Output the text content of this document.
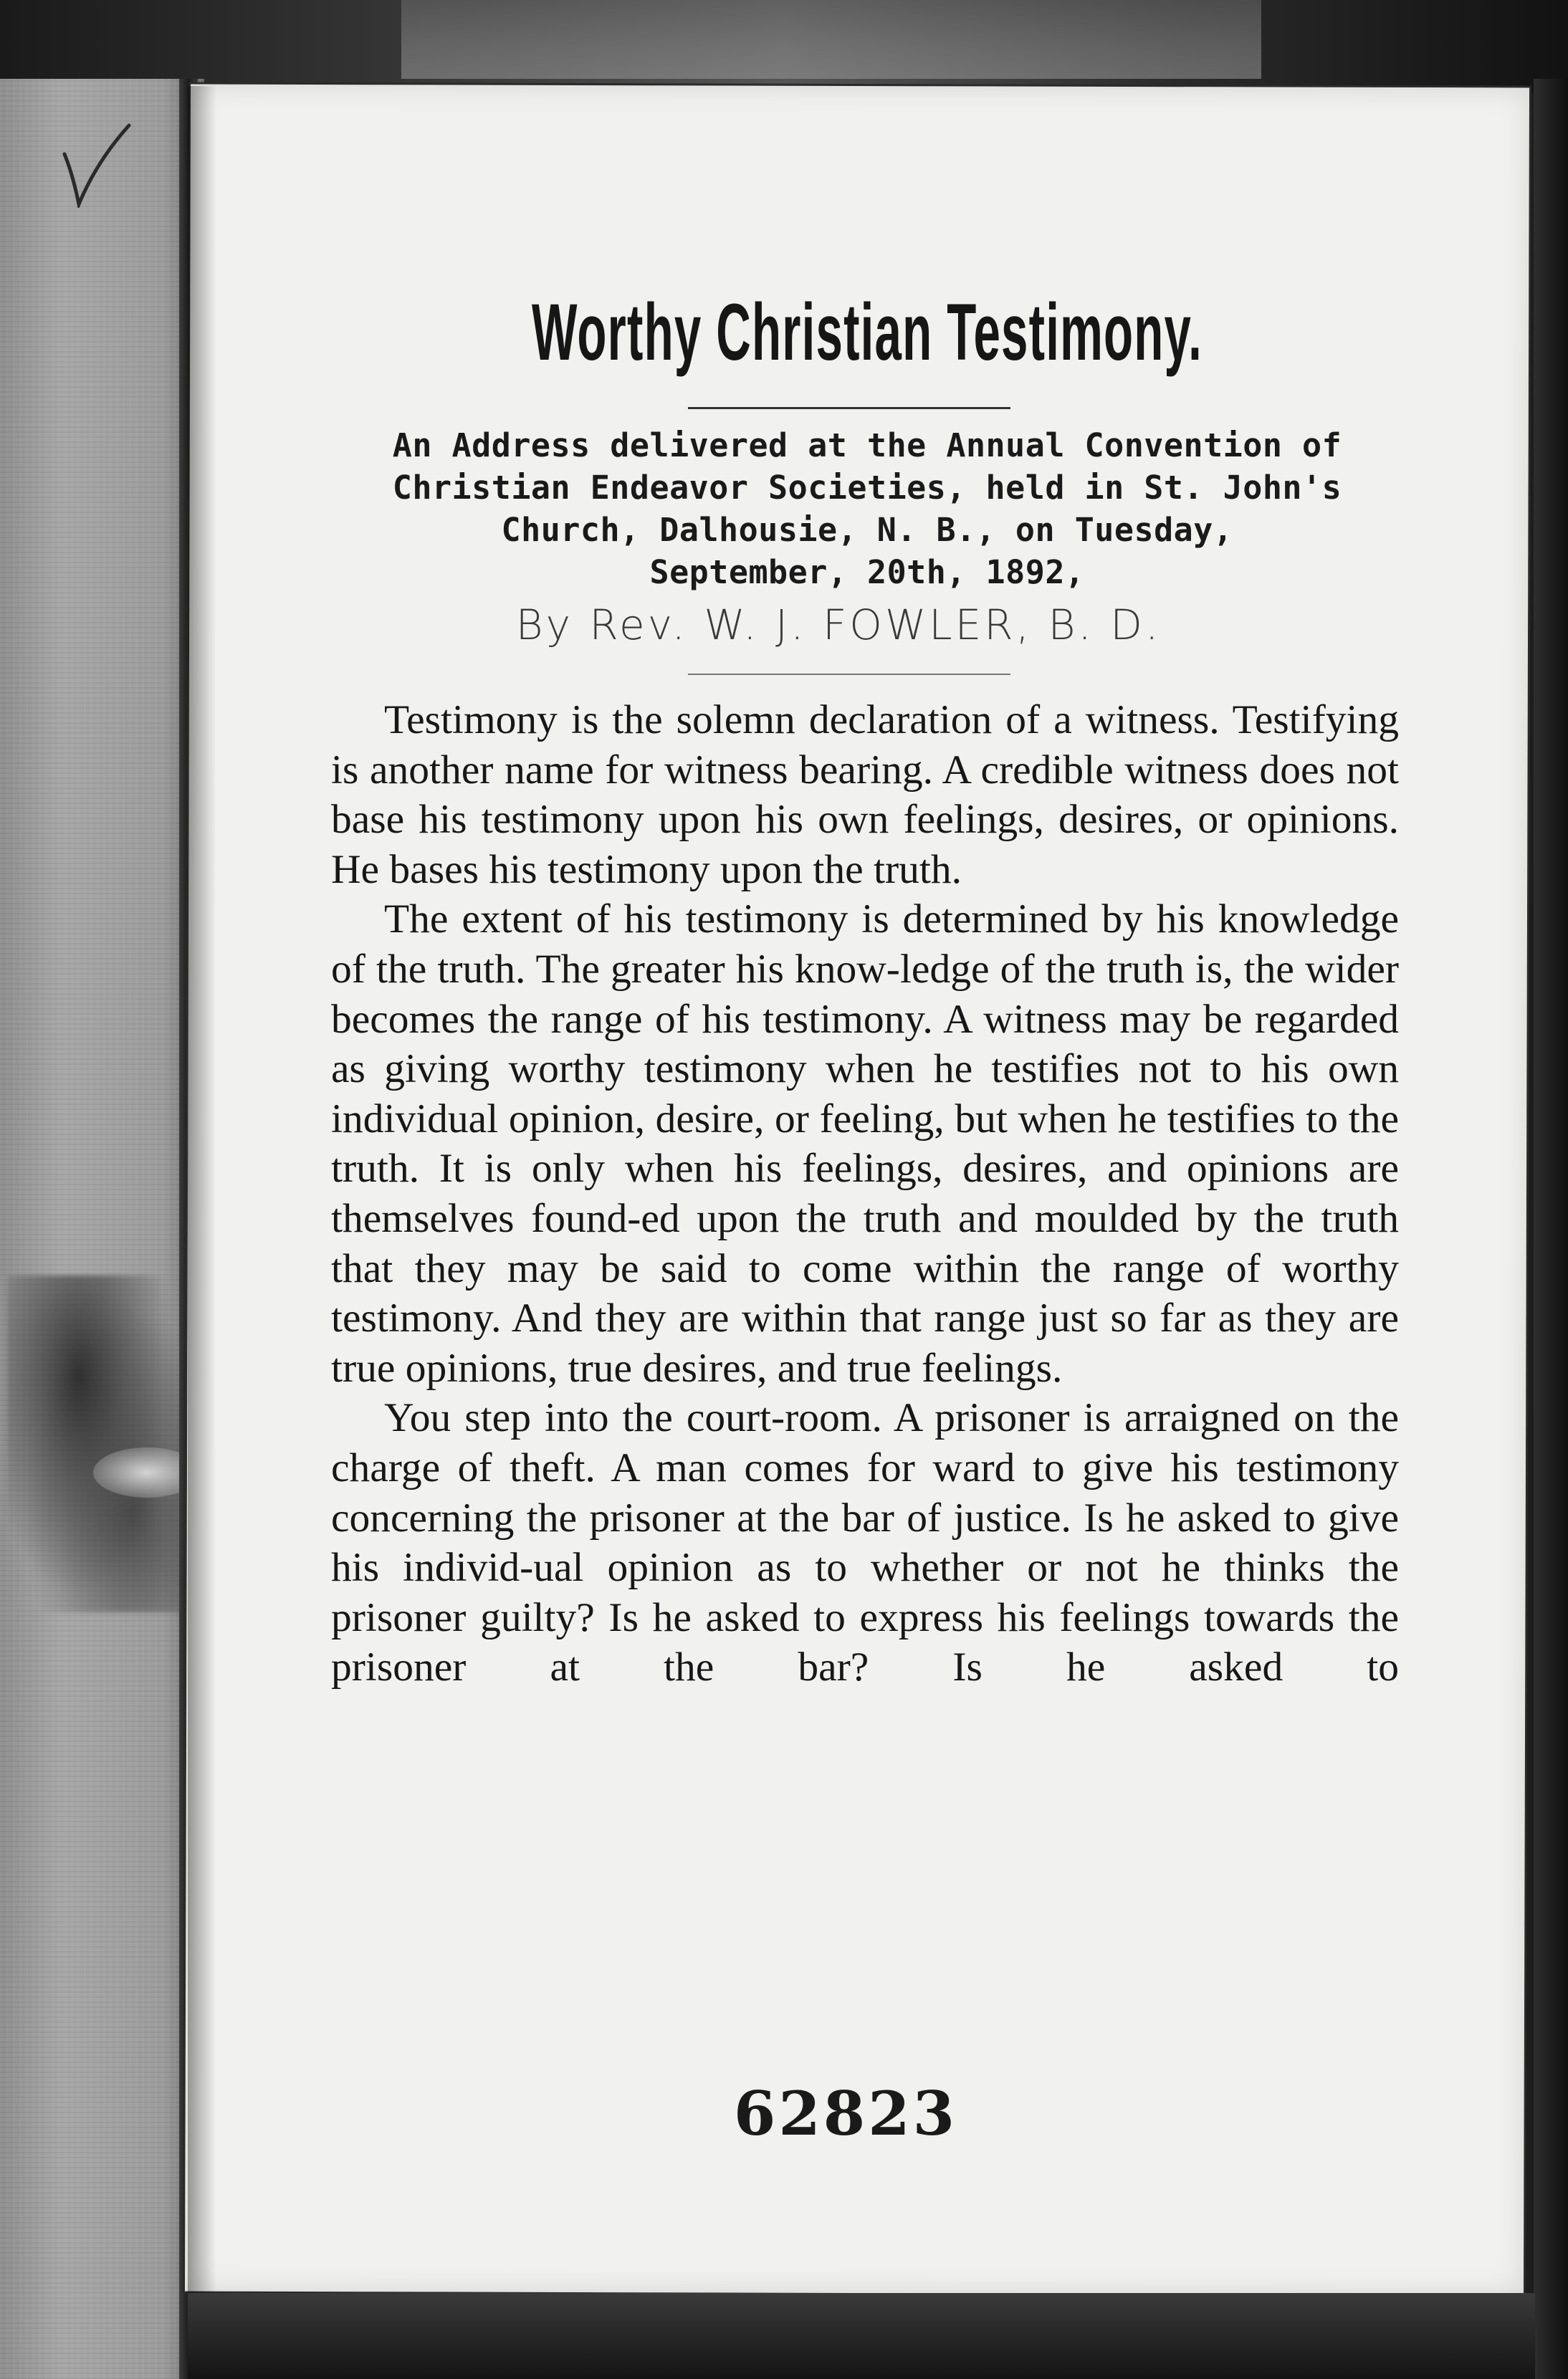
Worthy Christian Testimony.
An Address delivered at the Annual Convention of
Christian Endeavor Societies, held in St. John's
Church, Dalhousie, N. B., on Tuesday,
September, 20th, 1892,
By Rev. W. J. FOWLER, B. D.

Testimony is the solemn declaration of a witness. Testifying is another name for witness bearing. A credible witness does not base his testimony upon his own feelings, desires, or opinions. He bases his testimony upon the truth.

The extent of his testimony is determined by his knowledge of the truth. The greater his know-ledge of the truth is, the wider becomes the range of his testimony. A witness may be regarded as giving worthy testimony when he testifies not to his own individual opinion, desire, or feeling, but when he testifies to the truth. It is only when his feelings, desires, and opinions are themselves found-ed upon the truth and moulded by the truth that they may be said to come within the range of worthy testimony. And they are within that range just so far as they are true opinions, true desires, and true feelings.

You step into the court-room. A prisoner is arraigned on the charge of theft. A man comes for ward to give his testimony concerning the prisoner at the bar of justice. Is he asked to give his individ-ual opinion as to whether or not he thinks the prisoner guilty? Is he asked to express his feelings towards the prisoner at the bar? Is he asked to

62823
